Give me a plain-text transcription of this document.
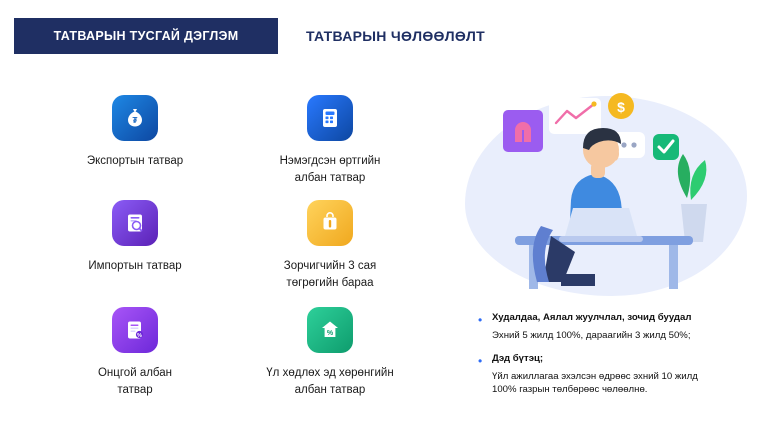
ТАТВАРЫН ТУСГАЙ ДЭГЛЭМ	ТАТВАРЫН ЧӨЛӨӨЛӨЛТ
₮
Экспортын татвар	Нэмэгдсэн өртгийн
албан татвар
Импортын татвар	Зорчигчийн 3 сая
төгрөгийн бараа
%
Онцгой албан
татвар
%
Үл хөдлөх эд хөрөнгийн
албан татвар
$
•	Худалдаа, Аялал жуулчлал, зочид буудал
Эхний 5 жилд 100%, дараагийн 3 жилд 50%;
•	Дэд бүтэц;
Үйл ажиллагаа эхэлсэн өдрөөс эхний 10 жилд
100% газрын төлбөрөөс чөлөөлнө.
